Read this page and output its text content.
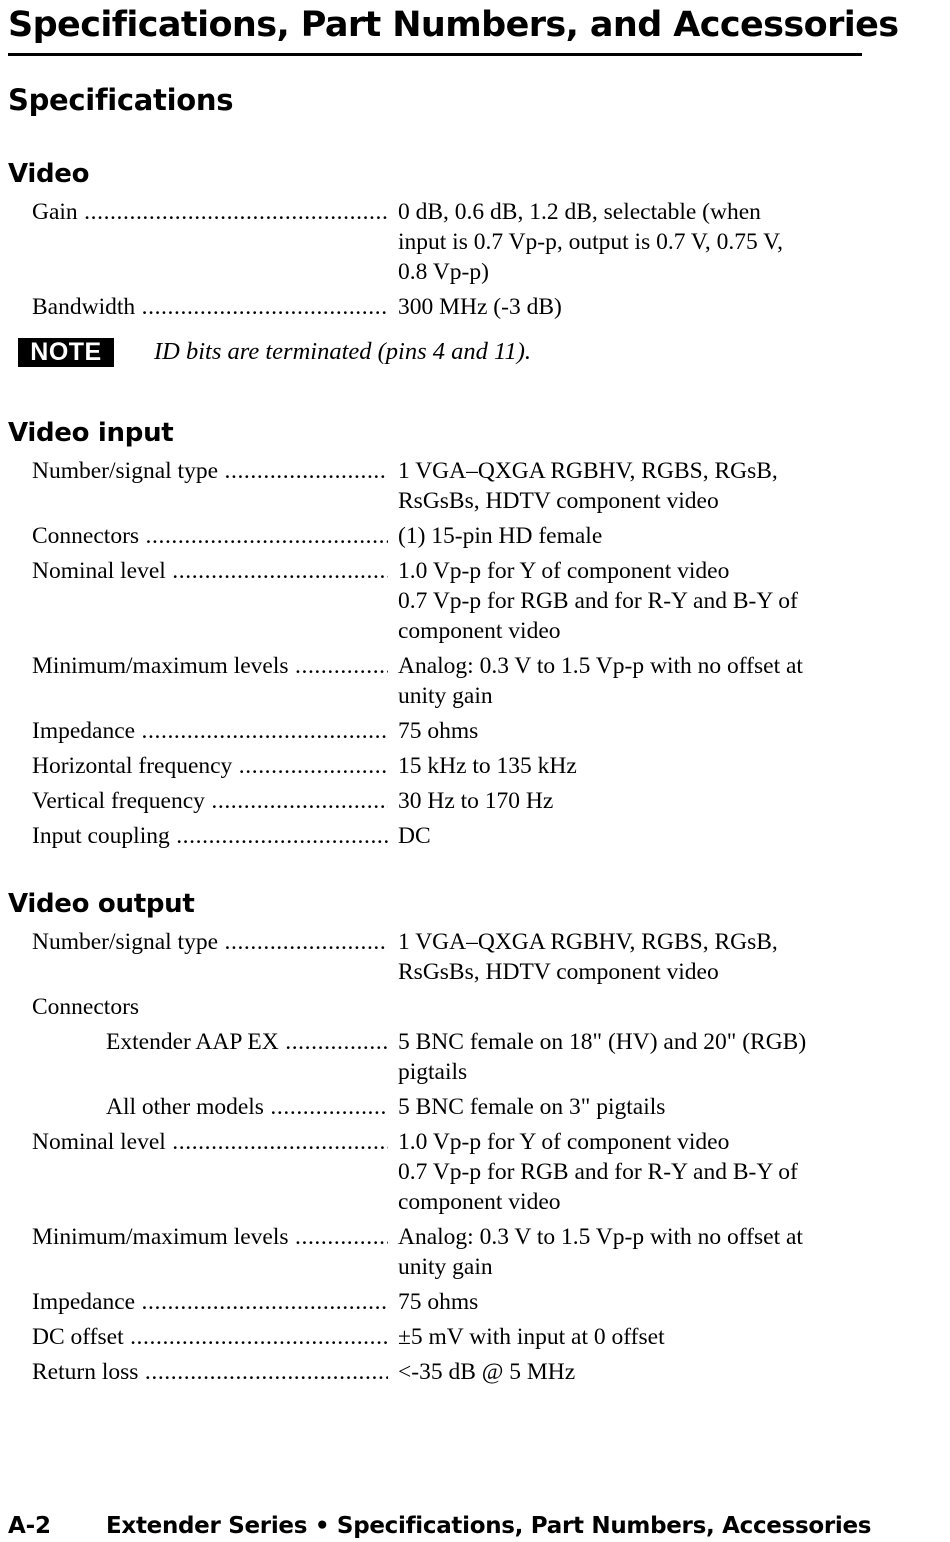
Specifications, Part Numbers, and Accessories
Specifications
Video
Gain .....	0 dB, 0.6 dB, 1.2 dB, selectable (when
input is 0.7 Vp-p, output is 0.7 V, 0.75 V,
0.8 Vp-p)
Bandwidth .....	300 MHz (-3 dB)
NOTE	ID bits are terminated (pins 4 and 11).
Video input
Number/signal type .....	1 VGA–QXGA RGBHV, RGBS, RGsB,
RsGsBs, HDTV component video
Connectors .....	(1) 15-pin HD female
Nominal level .....	1.0 Vp-p for Y of component video
0.7 Vp-p for RGB and for R-Y and B-Y of
component video
Minimum/maximum levels .....	Analog: 0.3 V to 1.5 Vp-p with no offset at
unity gain
Impedance .....	75 ohms
Horizontal frequency .....	15 kHz to 135 kHz
Vertical frequency .....	30 Hz to 170 Hz
Input coupling .....	DC
Video output
Number/signal type .....	1 VGA–QXGA RGBHV, RGBS, RGsB,
RsGsBs, HDTV component video
Connectors
Extender AAP EX .....	5 BNC female on 18" (HV) and 20" (RGB)
pigtails
All other models .....	5 BNC female on 3" pigtails
Nominal level .....	1.0 Vp-p for Y of component video
0.7 Vp-p for RGB and for R-Y and B-Y of
component video
Minimum/maximum levels .....	Analog: 0.3 V to 1.5 Vp-p with no offset at
unity gain
Impedance .....	75 ohms
DC offset .....	±5 mV with input at 0 offset
Return loss .....	<-35 dB @ 5 MHz
A-2	Extender Series • Specifications, Part Numbers, Accessories
